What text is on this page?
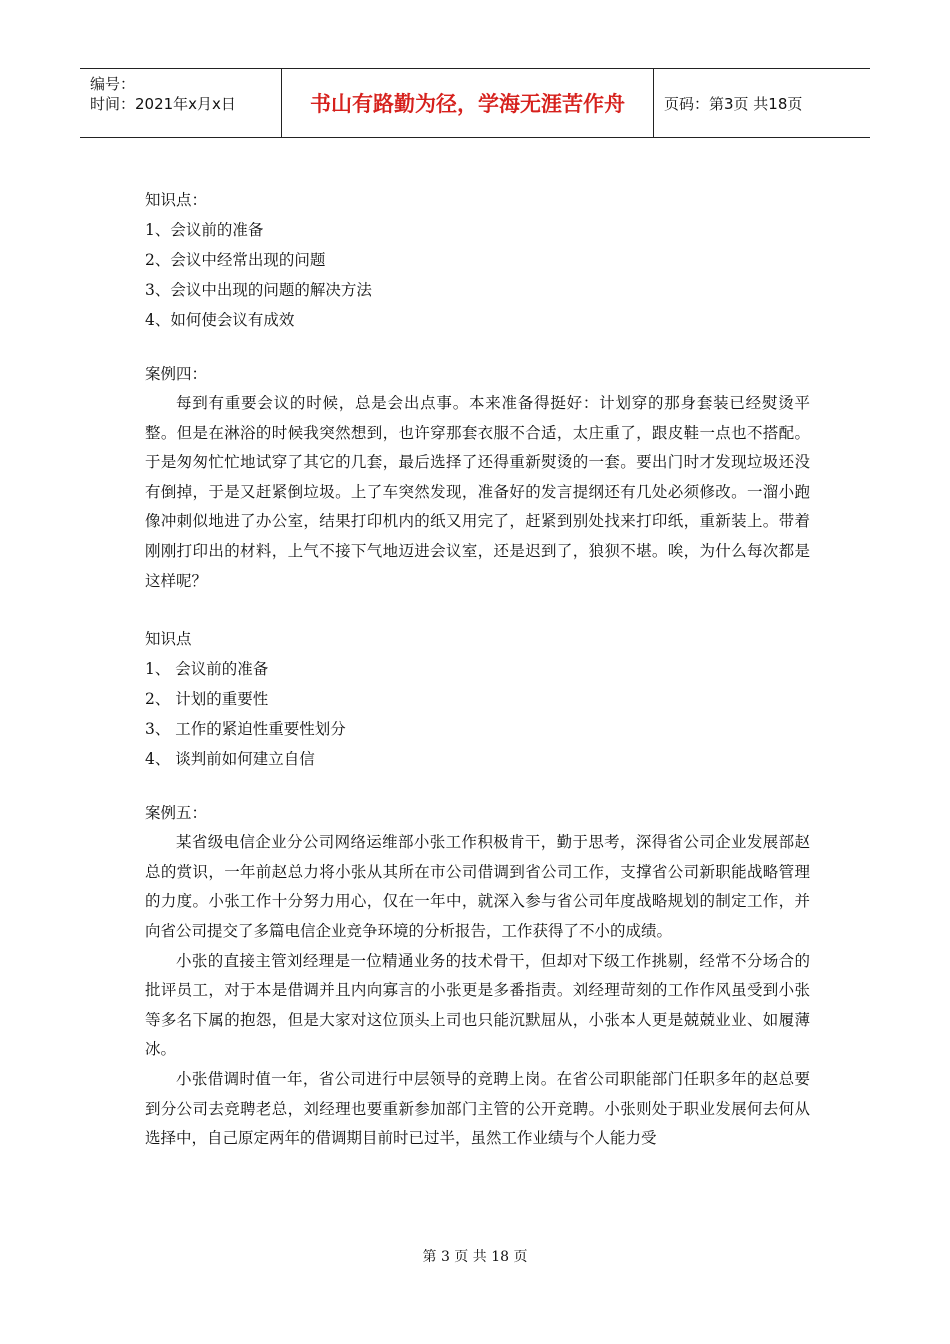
编号：
时间：2021年x月x日	书山有路勤为径，学海无涯苦作舟	页码：第3页 共18页
知识点：
1、会议前的准备
2、会议中经常出现的问题
3、会议中出现的问题的解决方法
4、如何使会议有成效
案例四：

每到有重要会议的时候，总是会出点事。本来准备得挺好：计划穿的那身套装已经熨烫平整。但是在淋浴的时候我突然想到，也许穿那套衣服不合适，太庄重了，跟皮鞋一点也不搭配。于是匆匆忙忙地试穿了其它的几套，最后选择了还得重新熨烫的一套。要出门时才发现垃圾还没有倒掉，于是又赶紧倒垃圾。上了车突然发现，准备好的发言提纲还有几处必须修改。一溜小跑像冲刺似地进了办公室，结果打印机内的纸又用完了，赶紧到别处找来打印纸，重新装上。带着刚刚打印出的材料，上气不接下气地迈进会议室，还是迟到了，狼狈不堪。唉，为什么每次都是这样呢？

知识点
1、 会议前的准备
2、 计划的重要性
3、 工作的紧迫性重要性划分
4、 谈判前如何建立自信
案例五：

某省级电信企业分公司网络运维部小张工作积极肯干，勤于思考，深得省公司企业发展部赵总的赏识，一年前赵总力将小张从其所在市公司借调到省公司工作，支撑省公司新职能战略管理的力度。小张工作十分努力用心，仅在一年中，就深入参与省公司年度战略规划的制定工作，并向省公司提交了多篇电信企业竞争环境的分析报告，工作获得了不小的成绩。

小张的直接主管刘经理是一位精通业务的技术骨干，但却对下级工作挑剔，经常不分场合的批评员工，对于本是借调并且内向寡言的小张更是多番指责。刘经理苛刻的工作作风虽受到小张等多名下属的抱怨，但是大家对这位顶头上司也只能沉默屈从，小张本人更是兢兢业业、如履薄冰。

小张借调时值一年，省公司进行中层领导的竞聘上岗。在省公司职能部门任职多年的赵总要到分公司去竞聘老总，刘经理也要重新参加部门主管的公开竞聘。小张则处于职业发展何去何从选择中，自己原定两年的借调期目前时已过半，虽然工作业绩与个人能力受

第 3 页 共 18 页
